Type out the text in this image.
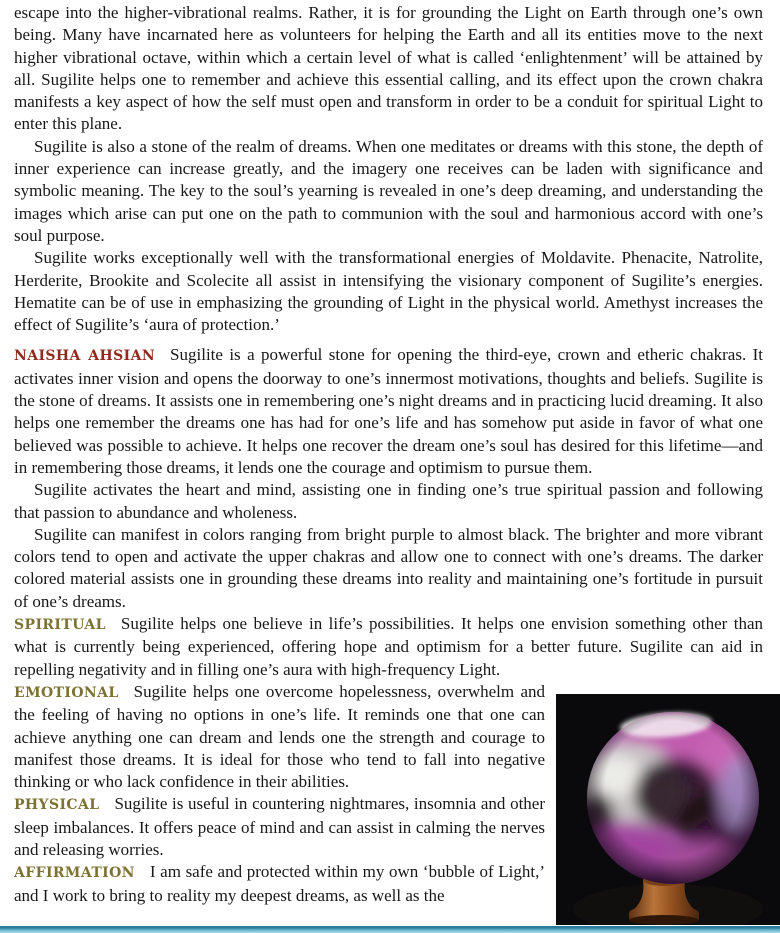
escape into the higher-vibrational realms. Rather, it is for grounding the Light on Earth through one’s own being. Many have incarnated here as volunteers for helping the Earth and all its entities move to the next higher vibrational octave, within which a certain level of what is called ‘enlightenment’ will be attained by all. Sugilite helps one to remember and achieve this essential calling, and its effect upon the crown chakra manifests a key aspect of how the self must open and transform in order to be a conduit for spiritual Light to enter this plane.

Sugilite is also a stone of the realm of dreams. When one meditates or dreams with this stone, the depth of inner experience can increase greatly, and the imagery one receives can be laden with significance and symbolic meaning. The key to the soul’s yearning is revealed in one’s deep dreaming, and understanding the images which arise can put one on the path to communion with the soul and harmonious accord with one’s soul purpose.

Sugilite works exceptionally well with the transformational energies of Moldavite. Phenacite, Natrolite, Herderite, Brookite and Scolecite all assist in intensifying the visionary component of Sugilite’s energies. Hematite can be of use in emphasizing the grounding of Light in the physical world. Amethyst increases the effect of Sugilite’s ‘aura of protection.’

NAISHA AHSIAN Sugilite is a powerful stone for opening the third-eye, crown and etheric chakras. It activates inner vision and opens the doorway to one’s innermost motivations, thoughts and beliefs. Sugilite is the stone of dreams. It assists one in remembering one’s night dreams and in practicing lucid dreaming. It also helps one remember the dreams one has had for one’s life and has somehow put aside in favor of what one believed was possible to achieve. It helps one recover the dream one’s soul has desired for this lifetime—and in remembering those dreams, it lends one the courage and optimism to pursue them.

Sugilite activates the heart and mind, assisting one in finding one’s true spiritual passion and following that passion to abundance and wholeness.

Sugilite can manifest in colors ranging from bright purple to almost black. The brighter and more vibrant colors tend to open and activate the upper chakras and allow one to connect with one’s dreams. The darker colored material assists one in grounding these dreams into reality and maintaining one’s fortitude in pursuit of one’s dreams.

SPIRITUAL Sugilite helps one believe in life’s possibilities. It helps one envision something other than what is currently being experienced, offering hope and optimism for a better future.
Sugilite can aid in repelling negativity and in filling one’s aura with high-frequency Light.

EMOTIONAL Sugilite helps one overcome hopelessness, overwhelm and the feeling of having no options in one’s life. It reminds one that one can achieve anything one can dream and lends one the strength and courage to manifest those dreams. It is ideal for those who tend to fall into negative thinking or who lack confidence in their abilities.

PHYSICAL Sugilite is useful in countering nightmares, insomnia and other sleep imbalances. It offers peace of mind and can assist in calming the nerves and releasing worries.

AFFIRMATION I am safe and protected within my own ‘bubble of Light,’ and I work to bring to reality my deepest dreams, as well as the
